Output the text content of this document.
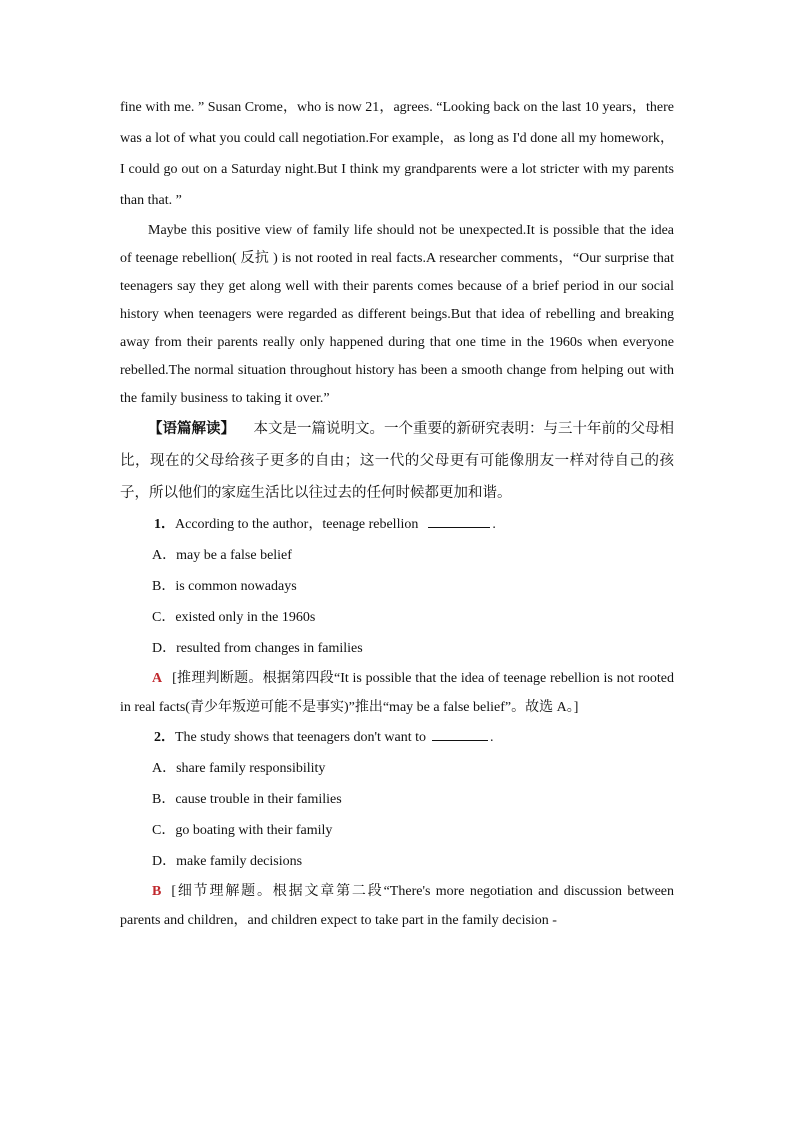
fine with me. ” Susan Crome，who is now 21，agrees. “Looking back on the last 10 years，there was a lot of what you could call negotiation.For example，as long as I'd done all my homework，I could go out on a Saturday night.But I think my grandparents were a lot stricter with my parents than that. ”

Maybe this positive view of family life should not be unexpected.It is possible that the idea of teenage rebellion( 反抗 ) is not rooted in real facts.A researcher comments，“Our surprise that teenagers say they get along well with their parents comes because of a brief period in our social history when teenagers were regarded as different beings.But that idea of rebelling and breaking away from their parents really only happened during that one time in the 1960s when everyone rebelled.The normal situation throughout history has been a smooth change from helping out with the family business to taking it over.”

【语篇解读】 本文是一篇说明文。一个重要的新研究表明：与三十年前的父母相比，现在的父母给孩子更多的自由；这一代的父母更有可能像朋友一样对待自己的孩子，所以他们的家庭生活比以往过去的任何时候都更加和谐。

1．According to the author，teenage rebellion	.

A．may be a false belief

B．is common nowadays

C．existed only in the 1960s

D．resulted from changes in families

A [推理判断题。根据第四段“It is possible that the idea of teenage rebellion is not rooted in real facts(青少年叛逆可能不是事实)”推出“may be a false belief”。故选 A。]

2．The study shows that teenagers don't want to	.

A．share family responsibility

B．cause trouble in their families

C．go boating with their family

D．make family decisions

B [细节理解题。根据文章第二段“There's more negotiation and discussion between parents and children，and children expect to take part in the family decision -
